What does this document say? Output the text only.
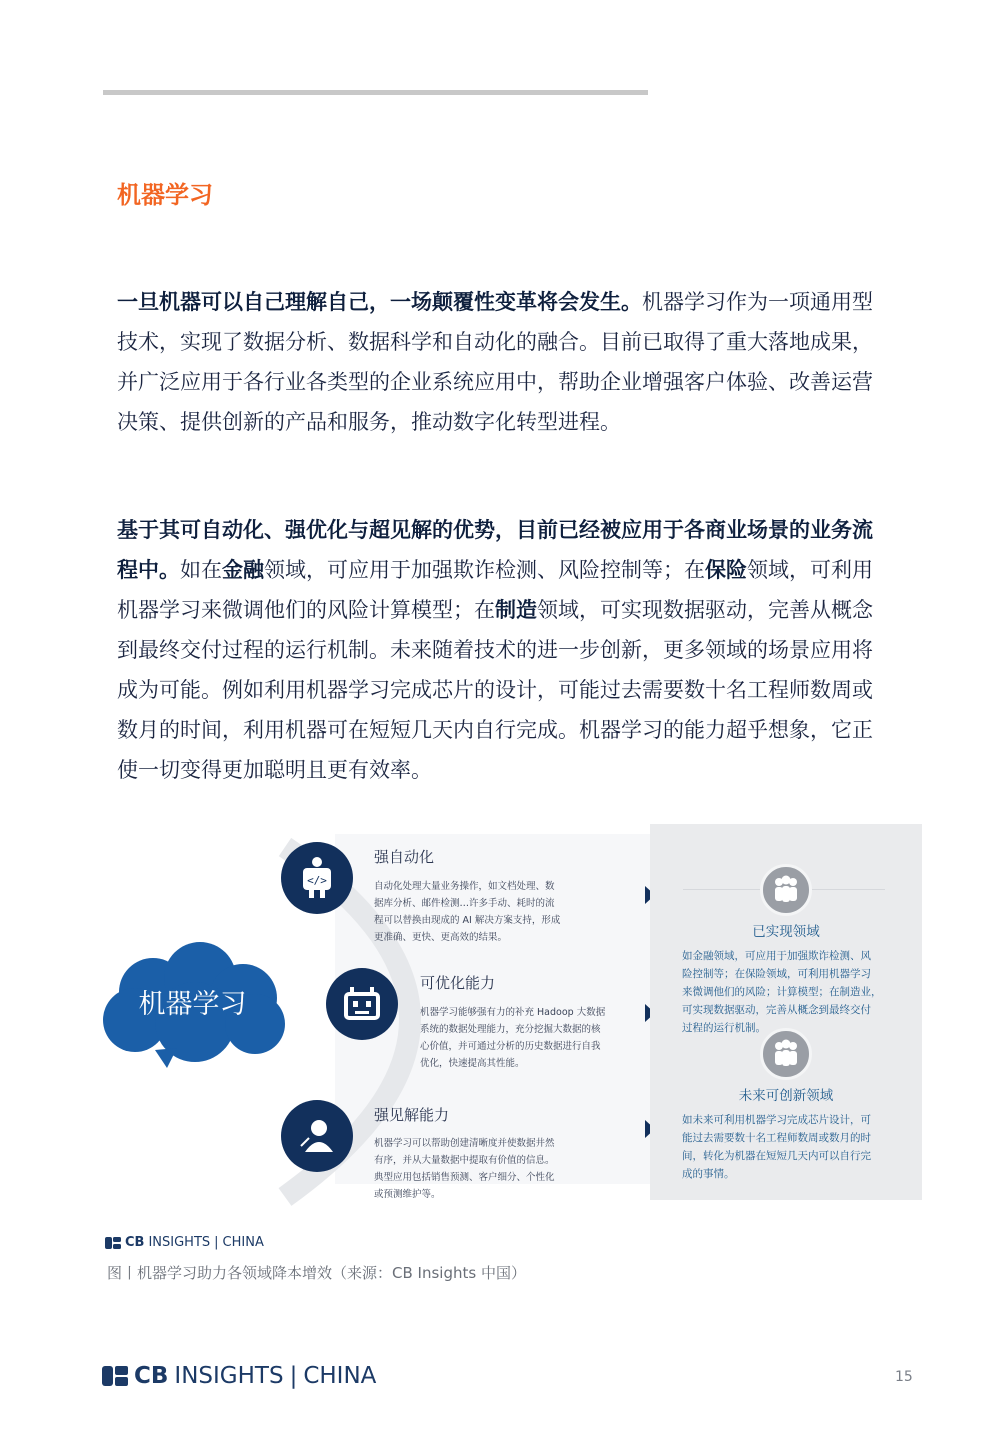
机器学习

一旦机器可以自己理解自己，一场颠覆性变革将会发生。机器学习作为一项通用型技术，实现了数据分析、数据科学和自动化的融合。目前已取得了重大落地成果，并广泛应用于各行业各类型的企业系统应用中，帮助企业增强客户体验、改善运营决策、提供创新的产品和服务，推动数字化转型进程。

基于其可自动化、强优化与超见解的优势，目前已经被应用于各商业场景的业务流程中。如在金融领域，可应用于加强欺诈检测、风险控制等；在保险领域，可利用机器学习来微调他们的风险计算模型；在制造领域，可实现数据驱动，完善从概念到最终交付过程的运行机制。未来随着技术的进一步创新，更多领域的场景应用将成为可能。例如利用机器学习完成芯片的设计，可能过去需要数十名工程师数周或数月的时间，利用机器可在短短几天内自行完成。机器学习的能力超乎想象，它正使一切变得更加聪明且更有效率。

机器学习
</>
强自动化
自动化处理大量业务操作，如文档处理、数
据库分析、邮件检测…许多手动、耗时的流
程可以替换由现成的 AI 解决方案支持，形成
更准确、更快、更高效的结果。
可优化能力
机器学习能够强有力的补充 Hadoop 大数据
系统的数据处理能力，充分挖掘大数据的核
心价值，并可通过分析的历史数据进行自我
优化，快速提高其性能。
强见解能力
机器学习可以帮助创建清晰度并使数据井然
有序，并从大量数据中提取有价值的信息。
典型应用包括销售预测、客户细分、个性化
或预测维护等。
已实现领域
如金融领域，可应用于加强欺诈检测、风
险控制等；在保险领域，可利用机器学习
来微调他们的风险；计算模型；在制造业，
可实现数据驱动，完善从概念到最终交付
过程的运行机制。
未来可创新领域
如未来可利用机器学习完成芯片设计，可
能过去需要数十名工程师数周或数月的时
间，转化为机器在短短几天内可以自行完
成的事情。
CB INSIGHTS | CHINA
图丨机器学习助力各领域降本增效（来源：CB Insights 中国）
CB INSIGHTS | CHINA	15
